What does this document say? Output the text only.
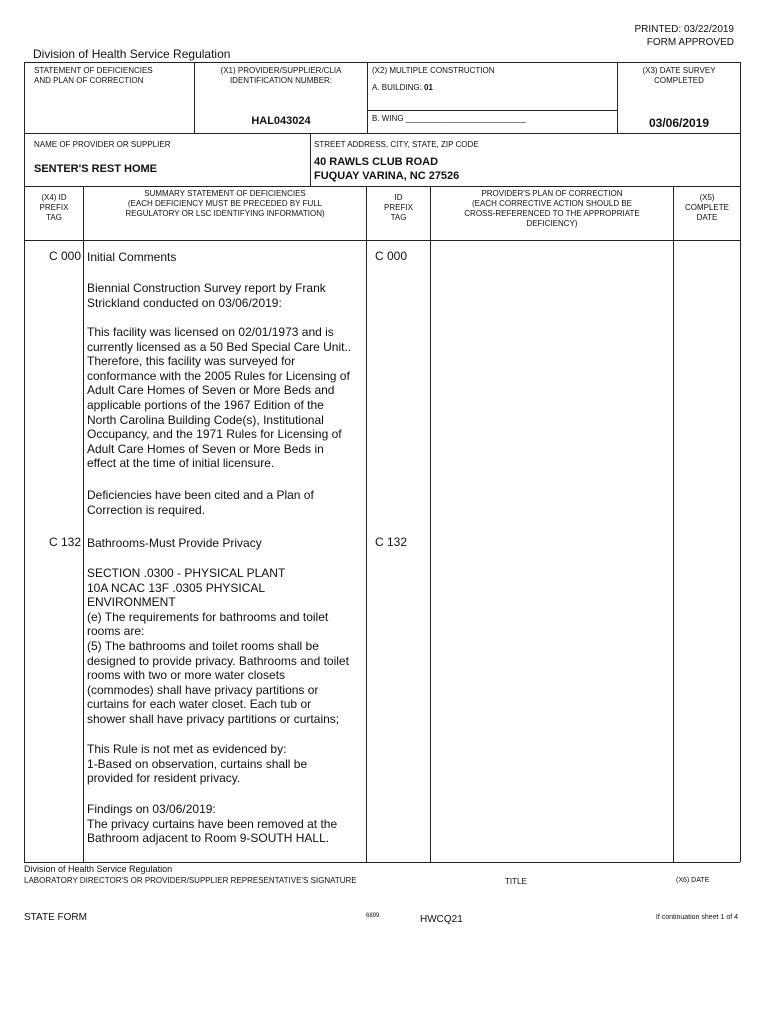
PRINTED: 03/22/2019
FORM APPROVED
Division of Health Service Regulation
STATEMENT OF DEFICIENCIES
AND PLAN OF CORRECTION
(X1) PROVIDER/SUPPLIER/CLIA
IDENTIFICATION NUMBER:
HAL043024
(X2) MULTIPLE CONSTRUCTION
A. BUILDING: 01
B. WING ___________________________
(X3) DATE SURVEY
COMPLETED
03/06/2019
NAME OF PROVIDER OR SUPPLIER
SENTER'S REST HOME
STREET ADDRESS, CITY, STATE, ZIP CODE
40 RAWLS CLUB ROAD
FUQUAY VARINA, NC 27526
(X4) ID
PREFIX
TAG
SUMMARY STATEMENT OF DEFICIENCIES
(EACH DEFICIENCY MUST BE PRECEDED BY FULL
REGULATORY OR LSC IDENTIFYING INFORMATION)
ID
PREFIX
TAG
PROVIDER'S PLAN OF CORRECTION
(EACH CORRECTIVE ACTION SHOULD BE
CROSS-REFERENCED TO THE APPROPRIATE
DEFICIENCY)
(X5)
COMPLETE
DATE
C 000	C 000
Initial Comments
Biennial Construction Survey report by Frank
Strickland conducted on 03/06/2019:
This facility was licensed on 02/01/1973 and is
currently licensed as a 50 Bed Special Care Unit..
Therefore, this facility was surveyed for
conformance with the 2005 Rules for Licensing of
Adult Care Homes of Seven or More Beds and
applicable portions of the 1967 Edition of the
North Carolina Building Code(s), Institutional
Occupancy, and the 1971 Rules for Licensing of
Adult Care Homes of Seven or More Beds in
effect at the time of initial licensure.
Deficiencies have been cited and a Plan of
Correction is required.
C 132	C 132
Bathrooms-Must Provide Privacy
SECTION .0300 - PHYSICAL PLANT
10A NCAC 13F .0305 PHYSICAL
ENVIRONMENT
(e) The requirements for bathrooms and toilet
rooms are:
(5) The bathrooms and toilet rooms shall be
designed to provide privacy. Bathrooms and toilet
rooms with two or more water closets
(commodes) shall have privacy partitions or
curtains for each water closet. Each tub or
shower shall have privacy partitions or curtains;
This Rule is not met as evidenced by:
1-Based on observation, curtains shall be
provided for resident privacy.
Findings on 03/06/2019:
The privacy curtains have been removed at the
Bathroom adjacent to Room 9-SOUTH HALL.
Division of Health Service Regulation
LABORATORY DIRECTOR'S OR PROVIDER/SUPPLIER REPRESENTATIVE'S SIGNATURE	TITLE	(X6) DATE
STATE FORM	6899	HWCQ21	If continuation sheet 1 of 4
